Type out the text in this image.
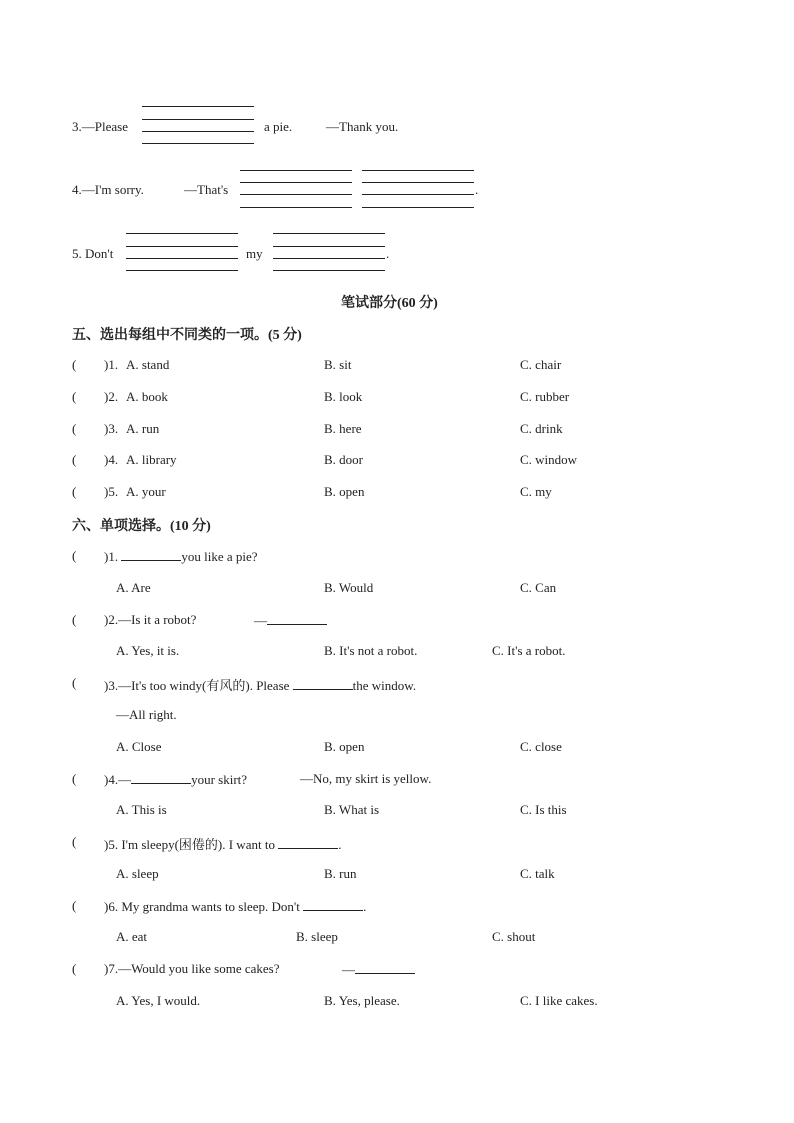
3.—Please	a pie.	—Thank you.
4.—I'm sorry.	—That's	.
5. Don't	my	.
笔试部分(60 分)
五、选出每组中不同类的一项。(5 分)
( )1. A. stand	B. sit	C. chair
( )2. A. book	B. look	C. rubber
( )3. A. run	B. here	C. drink
( )4. A. library	B. door	C. window
( )5. A. your	B. open	C. my
六、单项选择。(10 分)
( )1.	you like a pie?
A. Are	B. Would	C. Can
( )2.—Is it a robot?	—
A. Yes, it is.	B. It's not a robot.	C. It's a robot.
( )3.—It's too windy(有风的). Please	the window.
—All right.
A. Close	B. open	C. close
( )4.—	your skirt?	—No, my skirt is yellow.
A. This is	B. What is	C. Is this
( )5. I'm sleepy(困倦的). I want to	.
A. sleep	B. run	C. talk
( )6. My grandma wants to sleep. Don't	.
A. eat	B. sleep	C. shout
( )7.—Would you like some cakes?	—
A. Yes, I would.	B. Yes, please.	C. I like cakes.
